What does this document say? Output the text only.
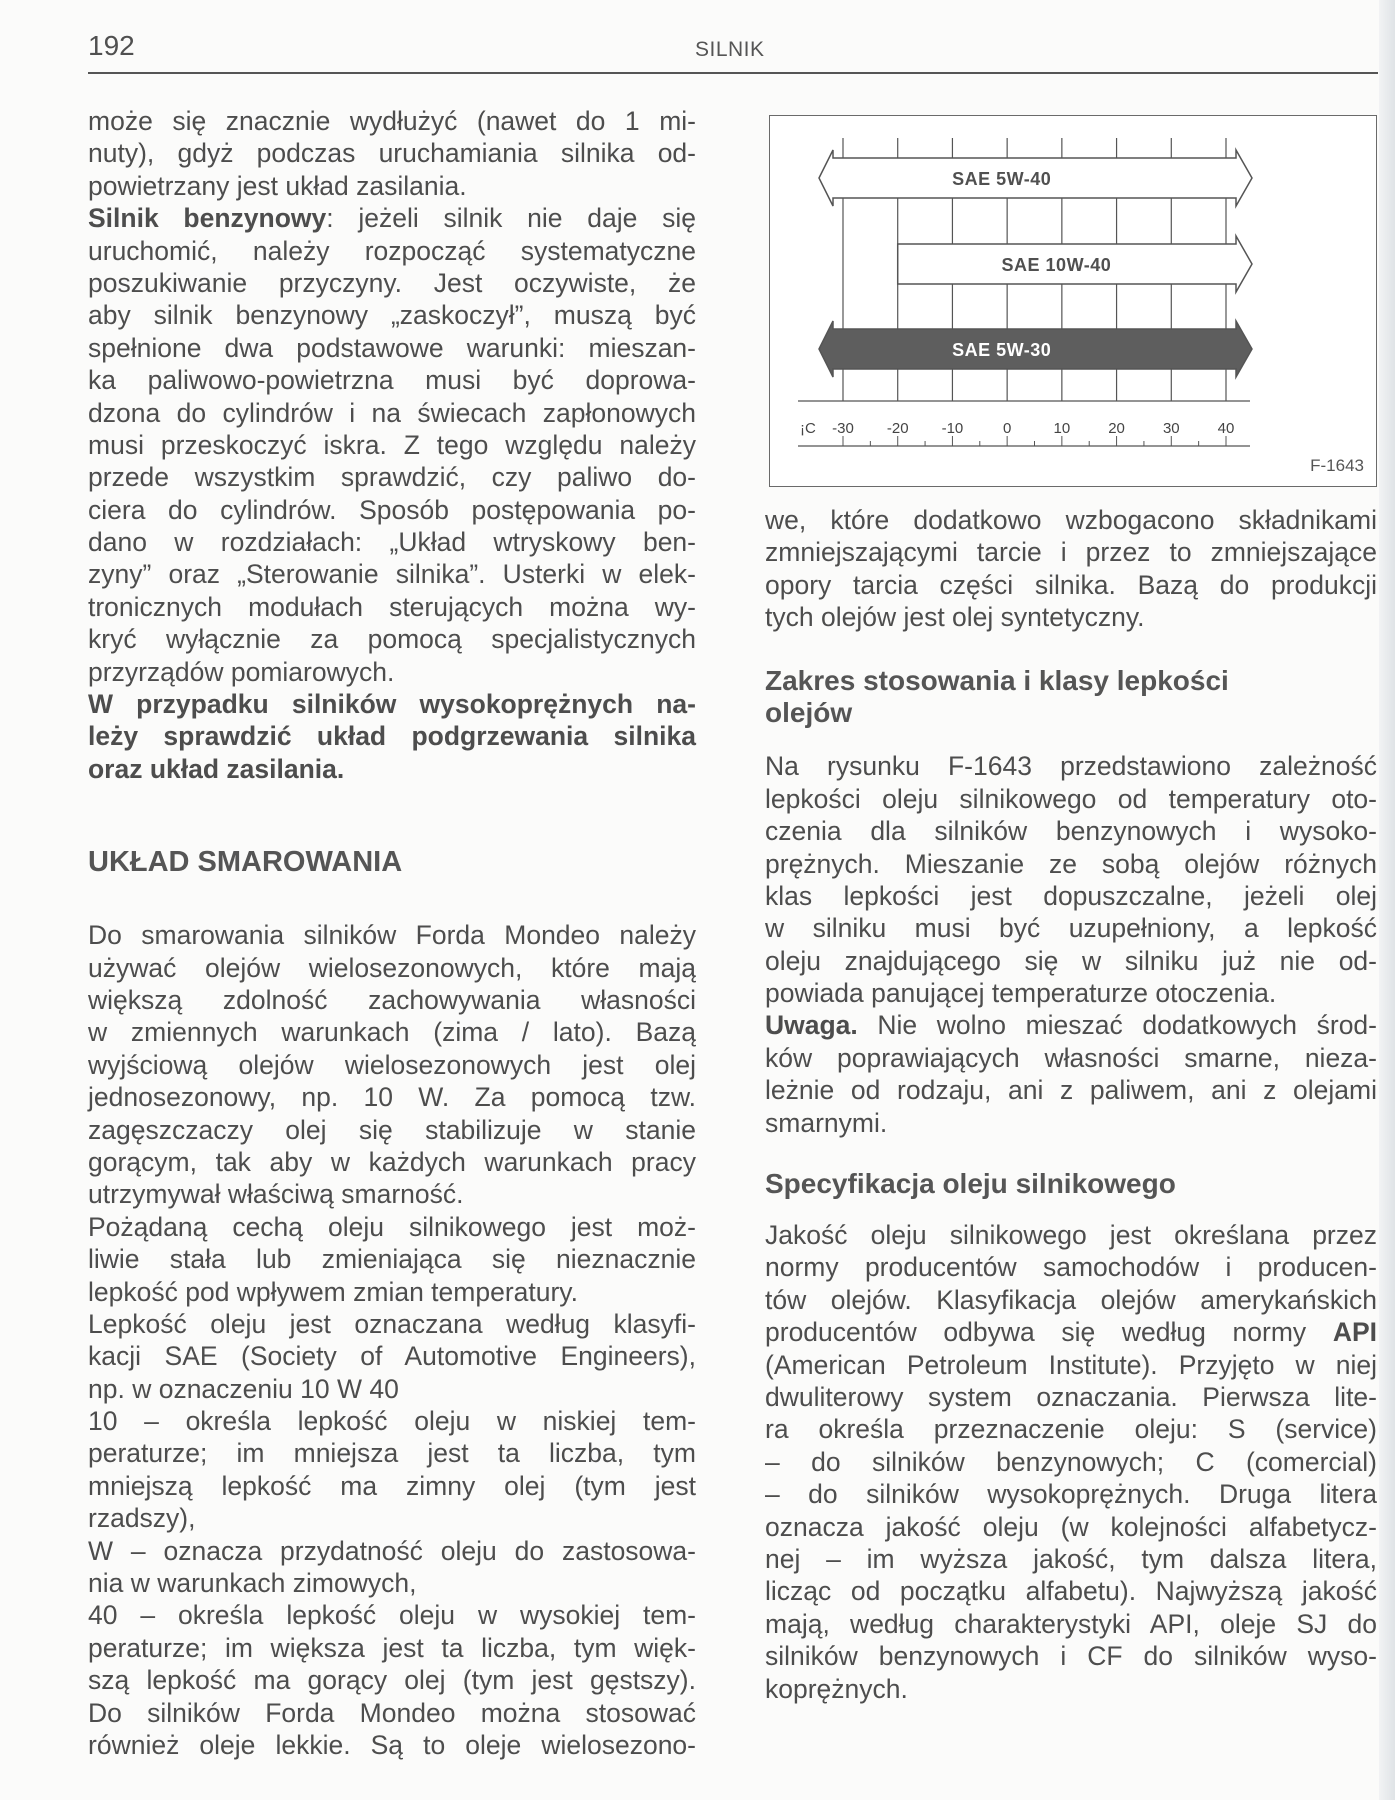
192	SILNIK
może się znacznie wydłużyć (nawet do 1 mi-
nuty), gdyż podczas uruchamiania silnika od-
powietrzany jest układ zasilania.
Silnik benzynowy: jeżeli silnik nie daje się
uruchomić, należy rozpocząć systematyczne
poszukiwanie przyczyny. Jest oczywiste, że
aby silnik benzynowy „zaskoczył”, muszą być
spełnione dwa podstawowe warunki: mieszan-
ka paliwowo-powietrzna musi być doprowa-
dzona do cylindrów i na świecach zapłonowych
musi przeskoczyć iskra. Z tego względu należy
przede wszystkim sprawdzić, czy paliwo do-
ciera do cylindrów. Sposób postępowania po-
dano w rozdziałach: „Układ wtryskowy ben-
zyny” oraz „Sterowanie silnika”. Usterki w elek-
tronicznych modułach sterujących można wy-
kryć wyłącznie za pomocą specjalistycznych
przyrządów pomiarowych.
W przypadku silników wysokoprężnych na-
leży sprawdzić układ podgrzewania silnika
oraz układ zasilania.
UKŁAD SMAROWANIA
Do smarowania silników Forda Mondeo należy
używać olejów wielosezonowych, które mają
większą zdolność zachowywania własności
w zmiennych warunkach (zima / lato). Bazą
wyjściową olejów wielosezonowych jest olej
jednosezonowy, np. 10 W. Za pomocą tzw.
zagęszczaczy olej się stabilizuje w stanie
gorącym, tak aby w każdych warunkach pracy
utrzymywał właściwą smarność.
Pożądaną cechą oleju silnikowego jest moż-
liwie stała lub zmieniająca się nieznacznie
lepkość pod wpływem zmian temperatury.
Lepkość oleju jest oznaczana według klasyfi-
kacji SAE (Society of Automotive Engineers),
np. w oznaczeniu 10 W 40
10 – określa lepkość oleju w niskiej tem-
peraturze; im mniejsza jest ta liczba, tym
mniejszą lepkość ma zimny olej (tym jest
rzadszy),
W – oznacza przydatność oleju do zastosowa-
nia w warunkach zimowych,
40 – określa lepkość oleju w wysokiej tem-
peraturze; im większa jest ta liczba, tym więk-
szą lepkość ma gorący olej (tym jest gęstszy).
Do silników Forda Mondeo można stosować
również oleje lekkie. Są to oleje wielosezono-
¡C -30 -20 -10	0	10	20	30	40
SAE 5W-40
SAE 10W-40
SAE 5W-30
F-1643
we, które dodatkowo wzbogacono składnikami
zmniejszającymi tarcie i przez to zmniejszające
opory tarcia części silnika. Bazą do produkcji
tych olejów jest olej syntetyczny.
Zakres stosowania i klasy lepkości
olejów
Na rysunku F-1643 przedstawiono zależność
lepkości oleju silnikowego od temperatury oto-
czenia dla silników benzynowych i wysoko-
prężnych. Mieszanie ze sobą olejów różnych
klas lepkości jest dopuszczalne, jeżeli olej
w silniku musi być uzupełniony, a lepkość
oleju znajdującego się w silniku już nie od-
powiada panującej temperaturze otoczenia.
Uwaga. Nie wolno mieszać dodatkowych środ-
ków poprawiających własności smarne, nieza-
leżnie od rodzaju, ani z paliwem, ani z olejami
smarnymi.
Specyfikacja oleju silnikowego
Jakość oleju silnikowego jest określana przez
normy producentów samochodów i producen-
tów olejów. Klasyfikacja olejów amerykańskich
producentów odbywa się według normy API
(American Petroleum Institute). Przyjęto w niej
dwuliterowy system oznaczania. Pierwsza lite-
ra określa przeznaczenie oleju: S (service)
– do silników benzynowych; C (comercial)
– do silników wysokoprężnych. Druga litera
oznacza jakość oleju (w kolejności alfabetycz-
nej – im wyższa jakość, tym dalsza litera,
licząc od początku alfabetu). Najwyższą jakość
mają, według charakterystyki API, oleje SJ do
silników benzynowych i CF do silników wyso-
koprężnych.
